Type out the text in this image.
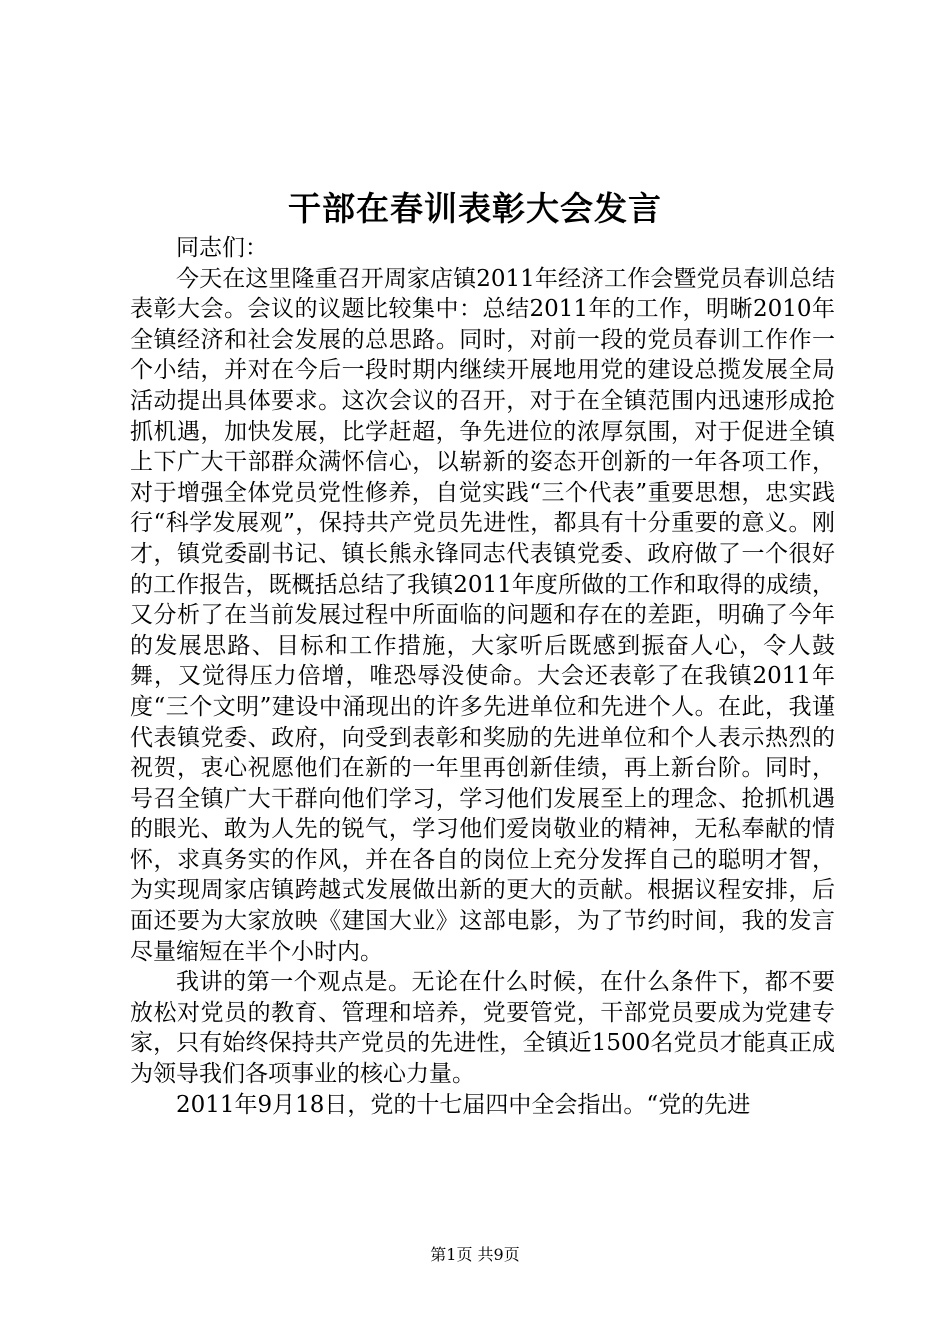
干部在春训表彰大会发言

同志们：

今天在这里隆重召开周家店镇2011年经济工作会暨党员春训总结表彰大会。会议的议题比较集中：总结2011年的工作，明晰2010年全镇经济和社会发展的总思路。同时，对前一段的党员春训工作作一个小结，并对在今后一段时期内继续开展地用党的建设总揽发展全局活动提出具体要求。这次会议的召开，对于在全镇范围内迅速形成抢抓机遇，加快发展，比学赶超，争先进位的浓厚氛围，对于促进全镇上下广大干部群众满怀信心，以崭新的姿态开创新的一年各项工作，对于增强全体党员党性修养，自觉实践“三个代表”重要思想，忠实践行“科学发展观”，保持共产党员先进性，都具有十分重要的意义。刚才，镇党委副书记、镇长熊永锋同志代表镇党委、政府做了一个很好的工作报告，既概括总结了我镇2011年度所做的工作和取得的成绩，又分析了在当前发展过程中所面临的问题和存在的差距，明确了今年的发展思路、目标和工作措施，大家听后既感到振奋人心，令人鼓舞，又觉得压力倍增，唯恐辱没使命。大会还表彰了在我镇2011年度“三个文明”建设中涌现出的许多先进单位和先进个人。在此，我谨代表镇党委、政府，向受到表彰和奖励的先进单位和个人表示热烈的祝贺，衷心祝愿他们在新的一年里再创新佳绩，再上新台阶。同时，号召全镇广大干群向他们学习，学习他们发展至上的理念、抢抓机遇的眼光、敢为人先的锐气，学习他们爱岗敬业的精神，无私奉献的情怀，求真务实的作风，并在各自的岗位上充分发挥自己的聪明才智，为实现周家店镇跨越式发展做出新的更大的贡献。根据议程安排，后面还要为大家放映《建国大业》这部电影，为了节约时间，我的发言尽量缩短在半个小时内。

我讲的第一个观点是。无论在什么时候，在什么条件下，都不要放松对党员的教育、管理和培养，党要管党，干部党员要成为党建专家，只有始终保持共产党员的先进性，全镇近1500名党员才能真正成为领导我们各项事业的核心力量。

2011年9月18日，党的十七届四中全会指出。“党的先进

第1页 共9页
